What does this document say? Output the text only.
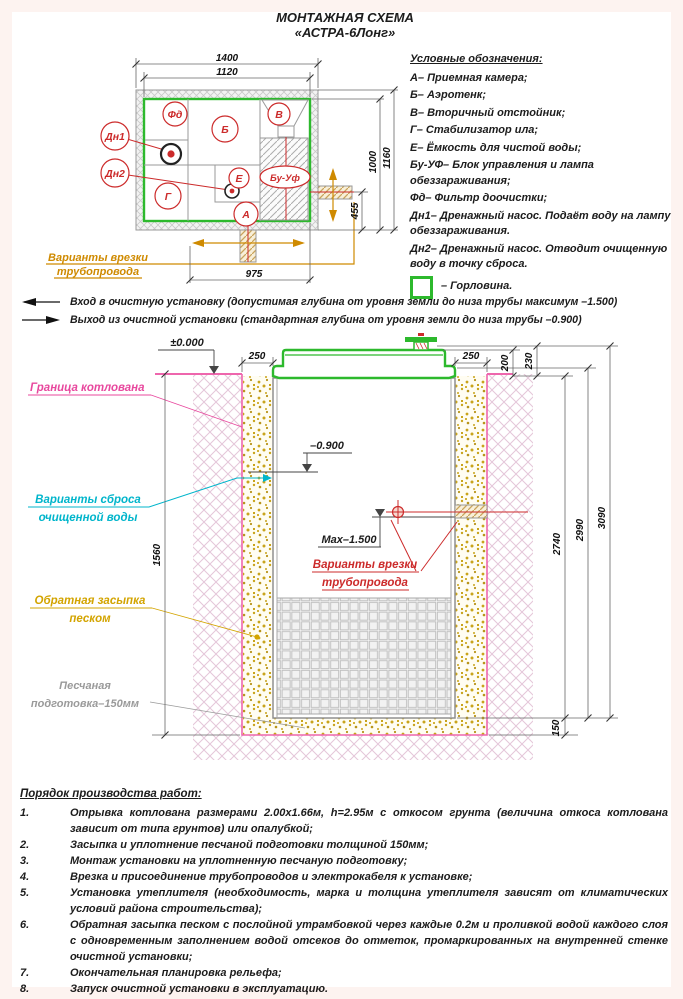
МОНТАЖНАЯ СХЕМА
«АСТРА-6Лонг»
Варианты врезки
трубопровода
Фд
Б
В
Г
Е
А
Дн1
Дн2	Бу-Уф
1400
1120
975
1000 1160
455
Условные обозначения:
А– Приемная камера;
Б– Аэротенк;
В– Вторичный отстойник;
Г– Стабилизатор ила;
Е– Ёмкость для чистой воды;
Бу-УФ– Блок управления и лампа обеззараживания;
Фд– Фильтр доочистки;
Дн1– Дренажный насос. Подаёт воду на лампу обеззараживания.
Дн2– Дренажный насос. Отводит очищенную воду в точку сброса.
– Горловина.
Вход в очистную установку (допустимая глубина от уровня земли до низа трубы максимум –1.500)
Выход из очистной установки (стандартная глубина от уровня земли до низа трубы –0.900)
±0.000
–0.900
Max–1.500
Варианты врезки
трубопровода
Граница котлована
Варианты сброса
очищенной воды
Обратная засыпка
песком
Песчаная
подготовка–150мм
250	250 200 230
2740
2990
3090
150
1560
Порядок производства работ:
1.	Отрывка котлована размерами 2.00х1.66м, h=2.95м с откосом грунта (величина откоса котлована зависит от типа грунтов) или опалубкой;
2.	Засыпка и уплотнение песчаной подготовки толщиной 150мм;
3.	Монтаж установки на уплотненную песчаную подготовку;
4.	Врезка и присоединение трубопроводов и электрокабеля к установке;
5.	Установка утеплителя (необходимость, марка и толщина утеплителя зависят от климатических условий района строительства);
6.	Обратная засыпка песком с послойной утрамбовкой через каждые 0.2м и проливкой водой каждого слоя с одновременным заполнением водой отсеков до отметок, промаркированных на внутренней стенке очистной установки;
7.	Окончательная планировка рельефа;
8.	Запуск очистной установки в эксплуатацию.
